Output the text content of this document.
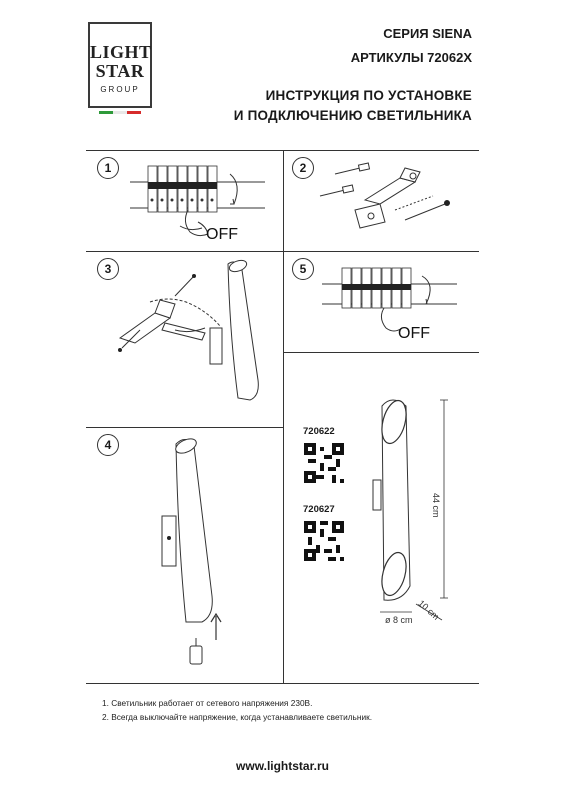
LIGHT
STAR
GROUP
СЕРИЯ SIENA
АРТИКУЛЫ 72062X
ИНСТРУКЦИЯ ПО УСТАНОВКЕ
И ПОДКЛЮЧЕНИЮ СВЕТИЛЬНИКА
1	2
3	5
4
OFF
OFF
720622
720627	44 cm
10 cm
ø 8 cm
1. Светильник работает от сетевого напряжения 230В.
2. Всегда выключайте напряжение, когда устанавливаете светильник.
www.lightstar.ru
